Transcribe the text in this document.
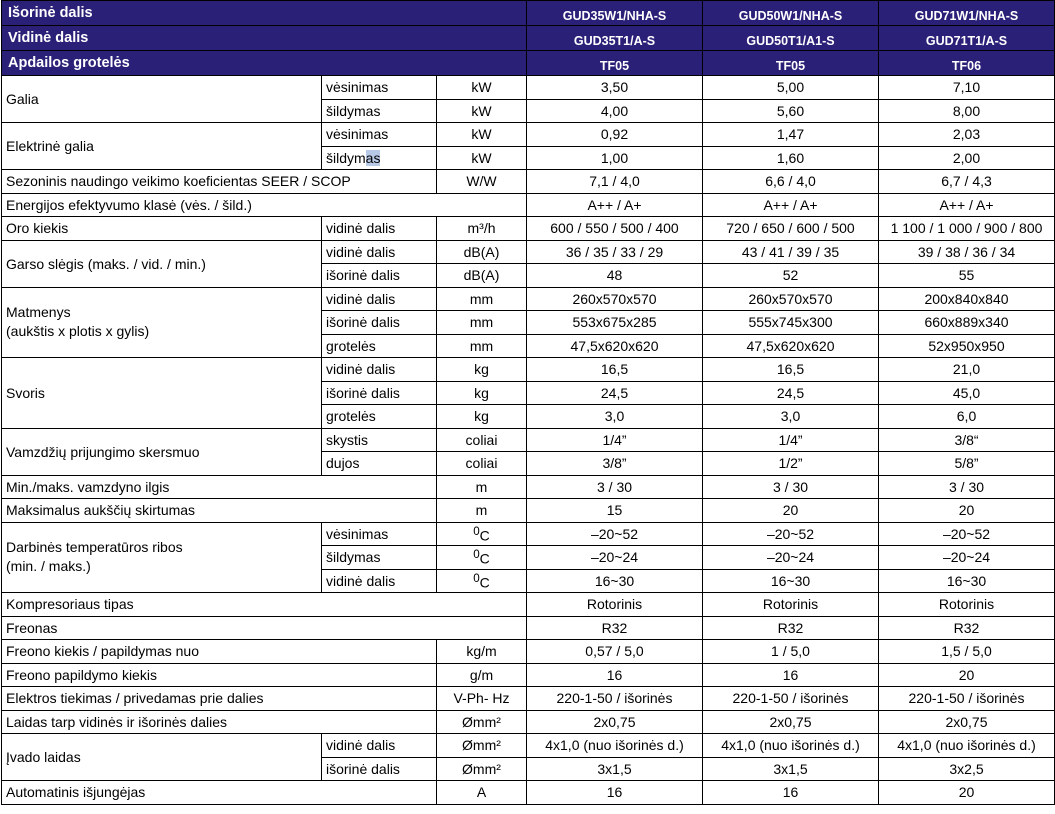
Išorinė dalis			GUD35W1/NHA-S	GUD50W1/NHA-S	GUD71W1/NHA-S
Vidinė dalis			GUD35T1/A-S	GUD50T1/A1-S	GUD71T1/A-S
Apdailos grotelės			TF05	TF05	TF06
Galia	vėsinimas	kW	3,50	5,00	7,10
	šildymas	kW	4,00	5,60	8,00
Elektrinė galia	vėsinimas	kW	0,92	1,47	2,03
	šildymas	kW	1,00	1,60	2,00
Sezoninis naudingo veikimo koeficientas SEER / SCOP		W/W	7,1 / 4,0	6,6 / 4,0	6,7 / 4,3
Energijos efektyvumo klasė (vės. / šild.)			A++ / A+	A++ / A+	A++ / A+
Oro kiekis	vidinė dalis	m³/h	600 / 550 / 500 / 400	720 / 650 / 600 / 500	1 100 / 1 000 / 900 / 800
Garso slėgis (maks. / vid. / min.)	vidinė dalis	dB(A)	36 / 35 / 33 / 29	43 / 41 / 39 / 35	39 / 38 / 36 / 34
	išorinė dalis	dB(A)	48	52	55
Matmenys
(aukštis x plotis x gylis)	vidinė dalis	mm	260x570x570	260x570x570	200x840x840
	išorinė dalis	mm	553x675x285	555x745x300	660x889x340
	grotelės	mm	47,5x620x620	47,5x620x620	52x950x950
Svoris	vidinė dalis	kg	16,5	16,5	21,0
	išorinė dalis	kg	24,5	24,5	45,0
	grotelės	kg	3,0	3,0	6,0
Vamzdžių prijungimo skersmuo	skystis	coliai	1/4”	1/4”	3/8“
	dujos	coliai	3/8”	1/2”	5/8”
Min./maks. vamzdyno ilgis		m	3 / 30	3 / 30	3 / 30
Maksimalus aukščių skirtumas		m	15	20	20
Darbinės temperatūros ribos
(min. / maks.)	vėsinimas	$^0$C	–20~52	–20~52	–20~52
	šildymas	$^0$C	–20~24	–20~24	–20~24
	vidinė dalis	$^0$C	16~30	16~30	16~30
Kompresoriaus tipas			Rotorinis	Rotorinis	Rotorinis
Freonas			R32	R32	R32
Freono kiekis / papildymas nuo		kg/m	0,57 / 5,0	1 / 5,0	1,5 / 5,0
Freono papildymo kiekis		g/m	16	16	20
Elektros tiekimas / privedamas prie dalies		V-Ph- Hz	220-1-50 / išorinės	220-1-50 / išorinės	220-1-50 / išorinės
Laidas tarp vidinės ir išorinės dalies		Ømm²	2x0,75	2x0,75	2x0,75
Įvado laidas	vidinė dalis	Ømm²	4x1,0 (nuo išorinės d.)	4x1,0 (nuo išorinės d.)	4x1,0 (nuo išorinės d.)
	išorinė dalis	Ømm²	3x1,5	3x1,5	3x2,5
Automatinis išjungėjas		A	16	16	20
